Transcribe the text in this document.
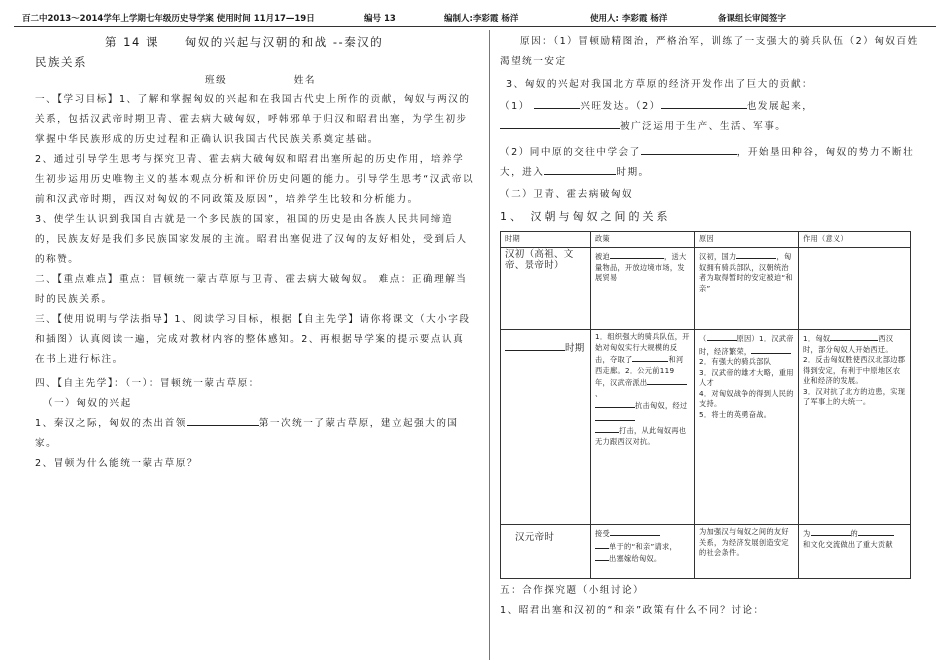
百二中2013～2014学年上学期七年级历史导学案 使用时间 11月17—19日	编号 13	编制人:李彩霞 杨洋	使用人: 李彩霞 杨洋	备课组长审阅签字

第 14 课 匈奴的兴起与汉朝的和战 --秦汉的

民族关系

班级	姓名

一、【学习目标】1、了解和掌握匈奴的兴起和在我国古代史上所作的贡献，匈奴与两汉的关系，包括汉武帝时期卫青、霍去病大破匈奴，呼韩邪单于归汉和昭君出塞，为学生初步掌握中华民族形成的历史过程和正确认识我国古代民族关系奠定基础。

2、通过引导学生思考与探究卫青、霍去病大破匈奴和昭君出塞所起的历史作用，培养学生初步运用历史唯物主义的基本观点分析和评价历史问题的能力。引导学生思考“汉武帝以前和汉武帝时期，西汉对匈奴的不同政策及原因”，培养学生比较和分析能力。

3、使学生认识到我国自古就是一个多民族的国家，祖国的历史是由各族人民共同缔造的，民族友好是我们多民族国家发展的主流。昭君出塞促进了汉匈的友好相处，受到后人的称赞。

二、【重点难点】重点：冒顿统一蒙古草原与卫青、霍去病大破匈奴。 难点：正确理解当时的民族关系。

三、【使用说明与学法指导】1、阅读学习目标，根据【自主先学】请你将课文（大小字段和插图）认真阅读一遍，完成对教材内容的整体感知。2、再根据导学案的提示要点认真在书上进行标注。

四、【自主先学】：（一）：冒顿统一蒙古草原：

（一）匈奴的兴起

1、秦汉之际，匈奴的杰出首领	第一次统一了蒙古草原，建立起强大的国家。

2、冒顿为什么能统一蒙古草原？

原因：（1）冒顿励精图治，严格治军，训练了一支强大的骑兵队伍（2）匈奴百姓渴望统一安定

3、匈奴的兴起对我国北方草原的经济开发作出了巨大的贡献：

（1）	兴旺发达。（2）	也发展起来，

被广泛运用于生产、生活、军事。

（2）同中原的交往中学会了	，开始垦田种谷，匈奴的势力不断壮大，进入	时期。

（二）卫青、霍去病破匈奴

1、 汉朝与匈奴之间的关系

时期	政策	原因	作用（意义）
汉初（高祖、文帝、景帝时）	被迫 ，送大量物品，开放边境市场，发展贸易	汉初，国力 ，匈奴拥有骑兵部队，汉朝统治者为取得暂时的安定被迫“和亲”	
时期	1．组织强大的骑兵队伍，开始对匈奴实行大规模的反击，夺取了 和河西走廊。2．公元前119 年，汉武帝派出、
抗击匈奴，经过
打击，从此匈奴再也无力跟西汉对抗。	（ 原因）1．汉武帝时，经济繁荣，
2．有强大的骑兵部队
3．汉武帝的雄才大略，重用人才
4．对匈奴战争的得到人民的支持。
5．将士的英勇奋战。	1．匈奴 西汉时，部分匈奴人开始西迁。
2．反击匈奴胜使西汉北部边郡得到安定，有利于中原地区农业和经济的发展。
3．汉对抗了北方的边患，实现了军事上的大统一。
汉元帝时	接受
单于的“和亲”请求，
出塞嫁给匈奴。	为加强汉与匈奴之间的友好关系，为经济发展创造安定的社会条件。	为 的
和文化交流做出了重大贡献

五：合作探究题（小组讨论）

1、昭君出塞和汉初的“和亲”政策有什么不同？讨论：
